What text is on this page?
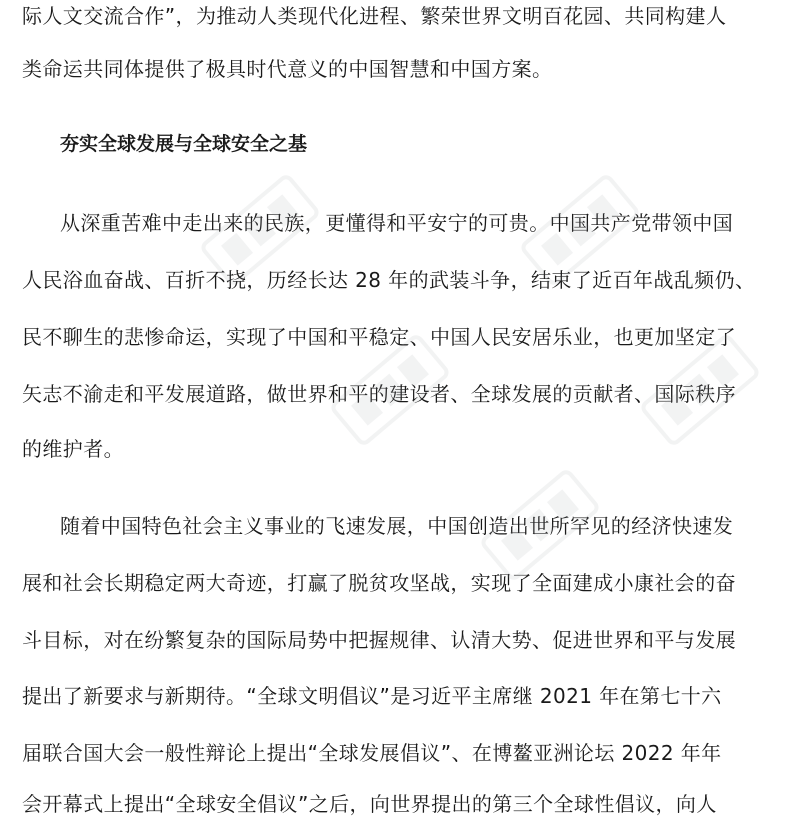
际人文交流合作”，为推动人类现代化进程、繁荣世界文明百花园、共同构建人
类命运共同体提供了极具时代意义的中国智慧和中国方案。
夯实全球发展与全球安全之基
从深重苦难中走出来的民族，更懂得和平安宁的可贵。中国共产党带领中国
人民浴血奋战、百折不挠，历经长达 28 年的武装斗争，结束了近百年战乱频仍、
民不聊生的悲惨命运，实现了中国和平稳定、中国人民安居乐业，也更加坚定了
矢志不渝走和平发展道路，做世界和平的建设者、全球发展的贡献者、国际秩序
的维护者。
随着中国特色社会主义事业的飞速发展，中国创造出世所罕见的经济快速发
展和社会长期稳定两大奇迹，打赢了脱贫攻坚战，实现了全面建成小康社会的奋
斗目标，对在纷繁复杂的国际局势中把握规律、认清大势、促进世界和平与发展
提出了新要求与新期待。“全球文明倡议”是习近平主席继 2021 年在第七十六
届联合国大会一般性辩论上提出“全球发展倡议”、在博鳌亚洲论坛 2022 年年
会开幕式上提出“全球安全倡议”之后，向世界提出的第三个全球性倡议，向人
